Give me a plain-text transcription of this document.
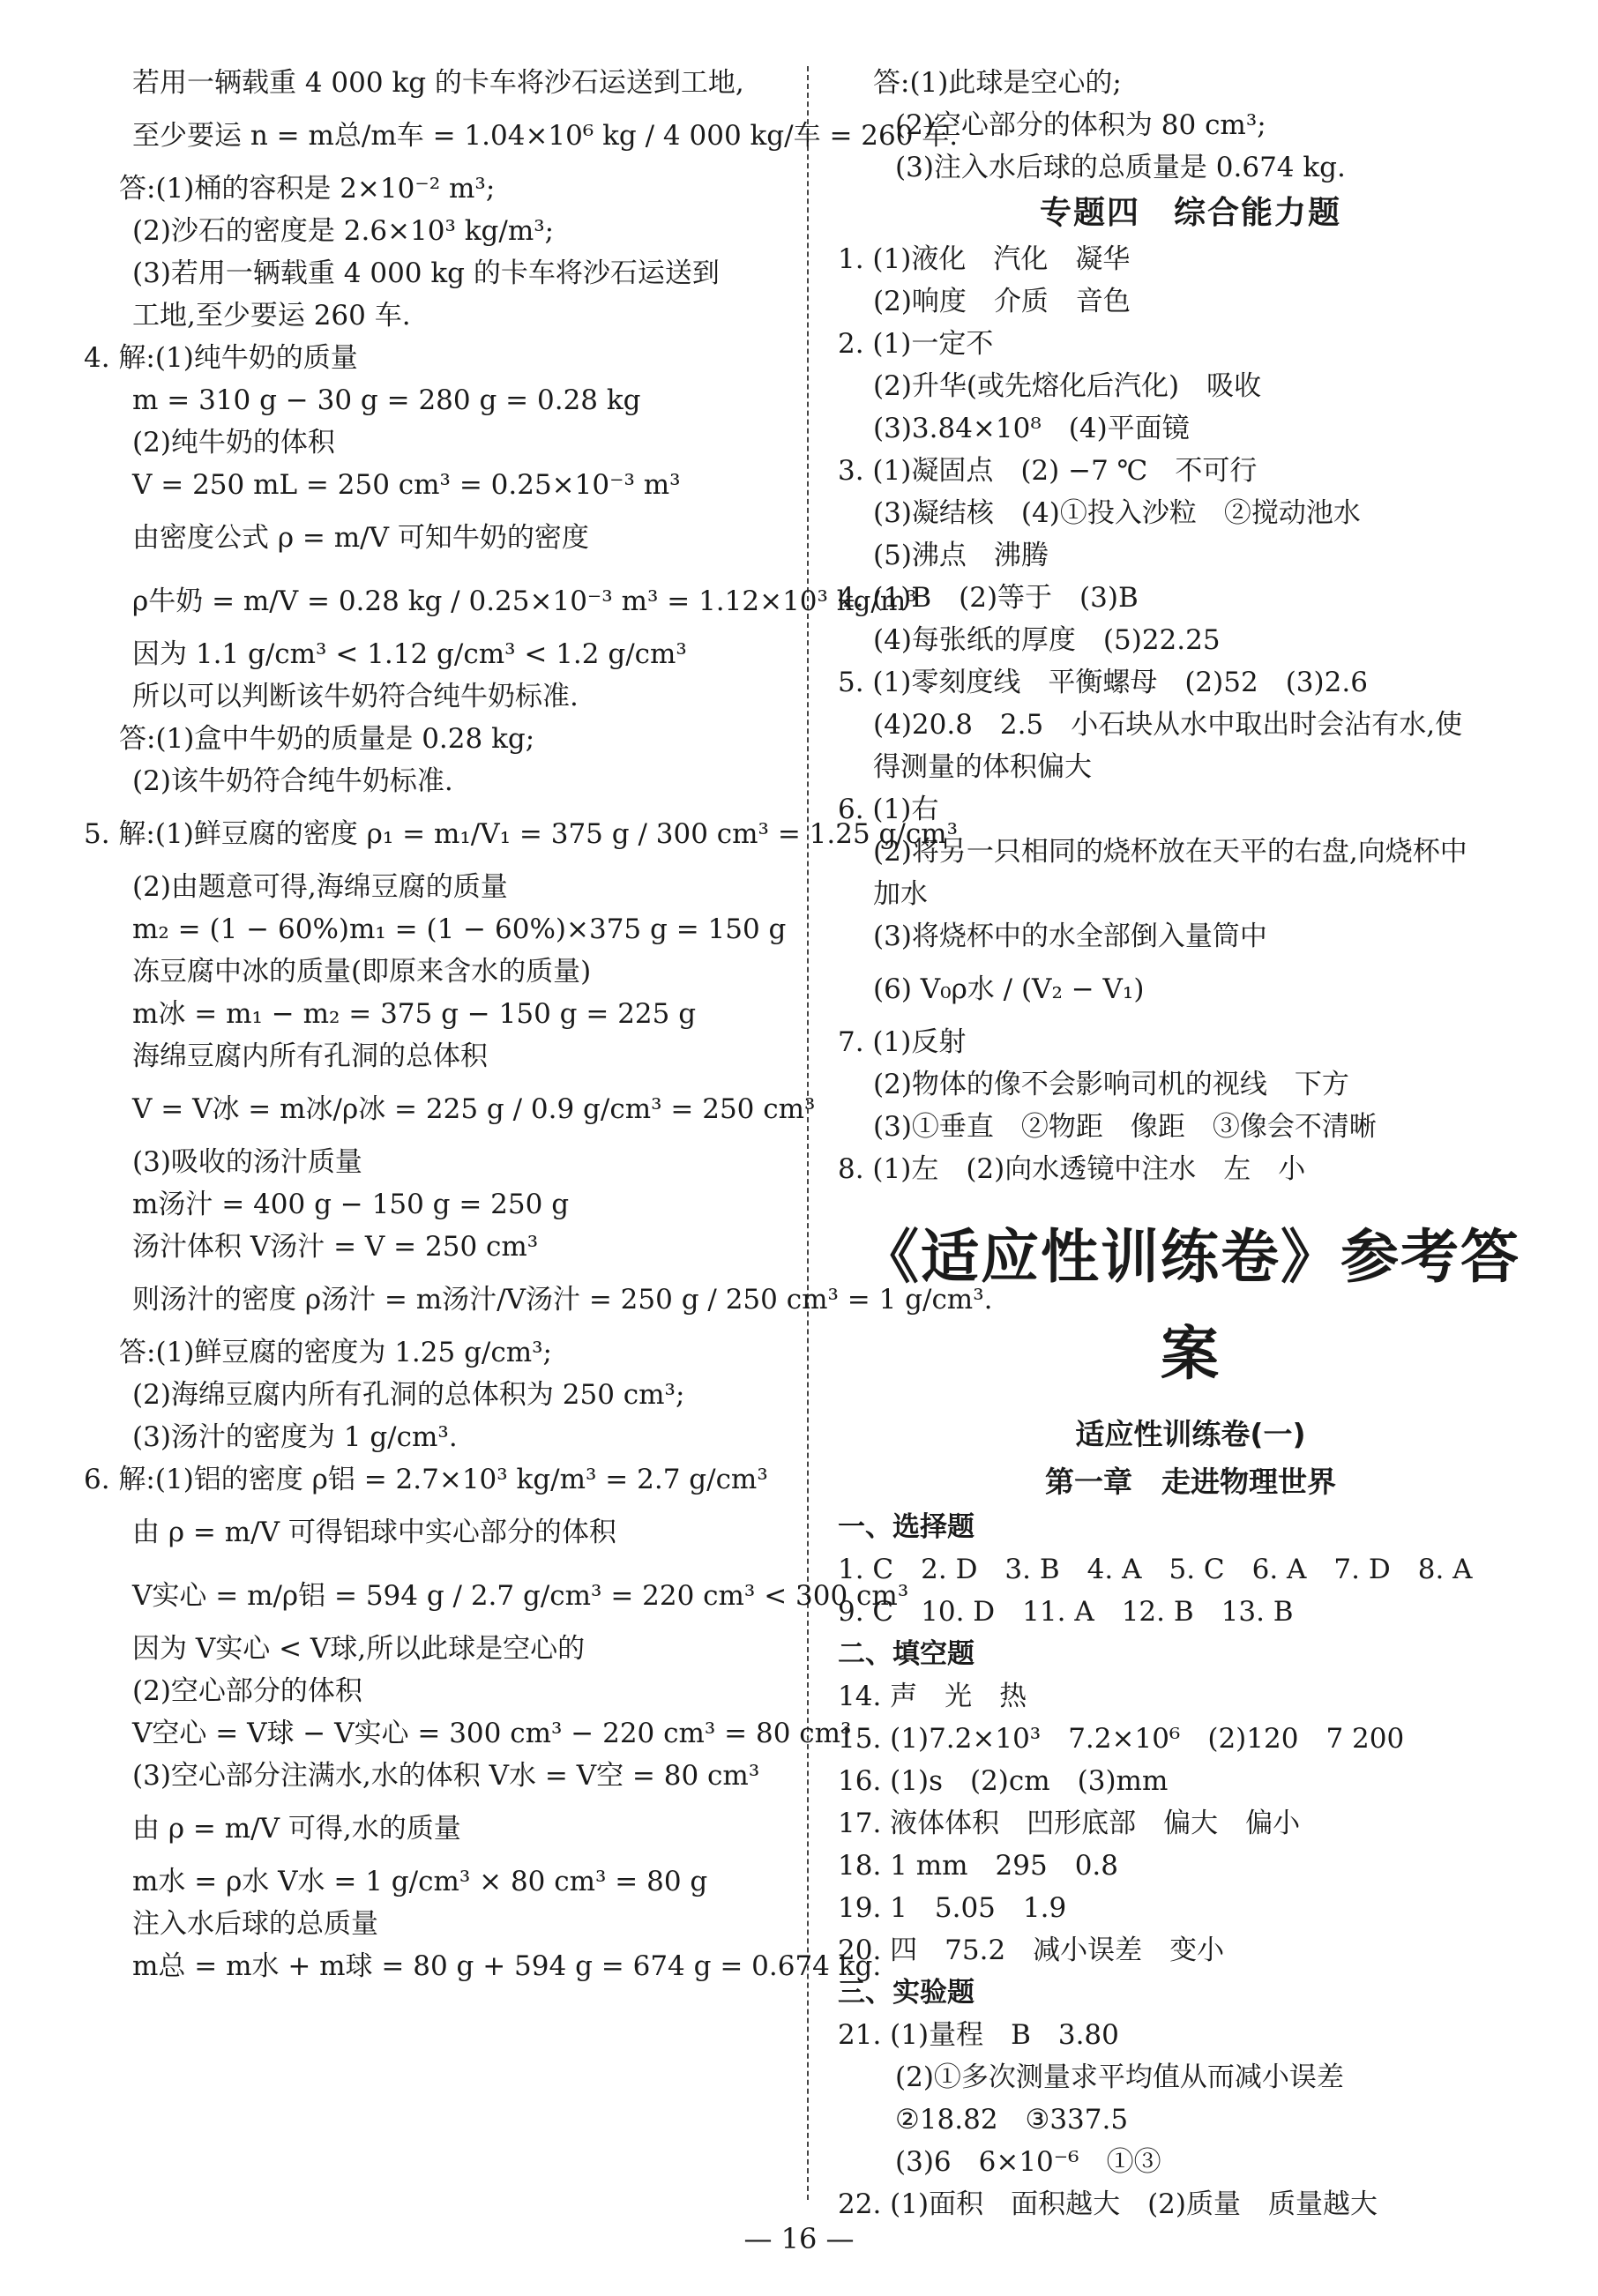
若用一辆载重 4 000 kg 的卡车将沙石运送到工地,
至少要运 n = m总/m车 = 1.04×10⁶ kg / 4 000 kg/车 = 260 车.
答:(1)桶的容积是 2×10⁻² m³;
(2)沙石的密度是 2.6×10³ kg/m³;
(3)若用一辆载重 4 000 kg 的卡车将沙石运送到
工地,至少要运 260 车.
4. 解:(1)纯牛奶的质量
m = 310 g − 30 g = 280 g = 0.28 kg
(2)纯牛奶的体积
V = 250 mL = 250 cm³ = 0.25×10⁻³ m³
由密度公式 ρ = m/V 可知牛奶的密度
ρ牛奶 = m/V = 0.28 kg / 0.25×10⁻³ m³ = 1.12×10³ kg/m³
因为 1.1 g/cm³ < 1.12 g/cm³ < 1.2 g/cm³
所以可以判断该牛奶符合纯牛奶标准.
答:(1)盒中牛奶的质量是 0.28 kg;
(2)该牛奶符合纯牛奶标准.
5. 解:(1)鲜豆腐的密度 ρ₁ = m₁/V₁ = 375 g / 300 cm³ = 1.25 g/cm³
(2)由题意可得,海绵豆腐的质量
m₂ = (1 − 60%)m₁ = (1 − 60%)×375 g = 150 g
冻豆腐中冰的质量(即原来含水的质量)
m冰 = m₁ − m₂ = 375 g − 150 g = 225 g
海绵豆腐内所有孔洞的总体积
V = V冰 = m冰/ρ冰 = 225 g / 0.9 g/cm³ = 250 cm³
(3)吸收的汤汁质量
m汤汁 = 400 g − 150 g = 250 g
汤汁体积 V汤汁 = V = 250 cm³
则汤汁的密度 ρ汤汁 = m汤汁/V汤汁 = 250 g / 250 cm³ = 1 g/cm³.
答:(1)鲜豆腐的密度为 1.25 g/cm³;
(2)海绵豆腐内所有孔洞的总体积为 250 cm³;
(3)汤汁的密度为 1 g/cm³.
6. 解:(1)铝的密度 ρ铝 = 2.7×10³ kg/m³ = 2.7 g/cm³
由 ρ = m/V 可得铝球中实心部分的体积
V实心 = m/ρ铝 = 594 g / 2.7 g/cm³ = 220 cm³ < 300 cm³
因为 V实心 < V球,所以此球是空心的
(2)空心部分的体积
V空心 = V球 − V实心 = 300 cm³ − 220 cm³ = 80 cm³
(3)空心部分注满水,水的体积 V水 = V空 = 80 cm³
由 ρ = m/V 可得,水的质量
m水 = ρ水 V水 = 1 g/cm³ × 80 cm³ = 80 g
注入水后球的总质量
m总 = m水 + m球 = 80 g + 594 g = 674 g = 0.674 kg.
答:(1)此球是空心的;
(2)空心部分的体积为 80 cm³;
(3)注入水后球的总质量是 0.674 kg.
专题四　综合能力题
1. (1)液化　汽化　凝华
(2)响度　介质　音色
2. (1)一定不
(2)升华(或先熔化后汽化)　吸收
(3)3.84×10⁸　(4)平面镜
3. (1)凝固点　(2) −7 ℃　不可行
(3)凝结核　(4)①投入沙粒　②搅动池水
(5)沸点　沸腾
4. (1)B　(2)等于　(3)B
(4)每张纸的厚度　(5)22.25
5. (1)零刻度线　平衡螺母　(2)52　(3)2.6
(4)20.8　2.5　小石块从水中取出时会沾有水,使
得测量的体积偏大
6. (1)右
(2)将另一只相同的烧杯放在天平的右盘,向烧杯中
加水
(3)将烧杯中的水全部倒入量筒中
(6) V₀ρ水 / (V₂ − V₁)
7. (1)反射
(2)物体的像不会影响司机的视线　下方
(3)①垂直　②物距　像距　③像会不清晰
8. (1)左　(2)向水透镜中注水　左　小
《适应性训练卷》参考答案
适应性训练卷(一)
第一章　走进物理世界
一、选择题
1. C　2. D　3. B　4. A　5. C　6. A　7. D　8. A
9. C　10. D　11. A　12. B　13. B
二、填空题
14. 声　光　热
15. (1)7.2×10³　7.2×10⁶　(2)120　7 200
16. (1)s　(2)cm　(3)mm
17. 液体体积　凹形底部　偏大　偏小
18. 1 mm　295　0.8
19. 1　5.05　1.9
20. 四　75.2　减小误差　变小
三、实验题
21. (1)量程　B　3.80
(2)①多次测量求平均值从而减小误差
②18.82　③337.5
(3)6　6×10⁻⁶　①③
22. (1)面积　面积越大　(2)质量　质量越大
— 16 —
